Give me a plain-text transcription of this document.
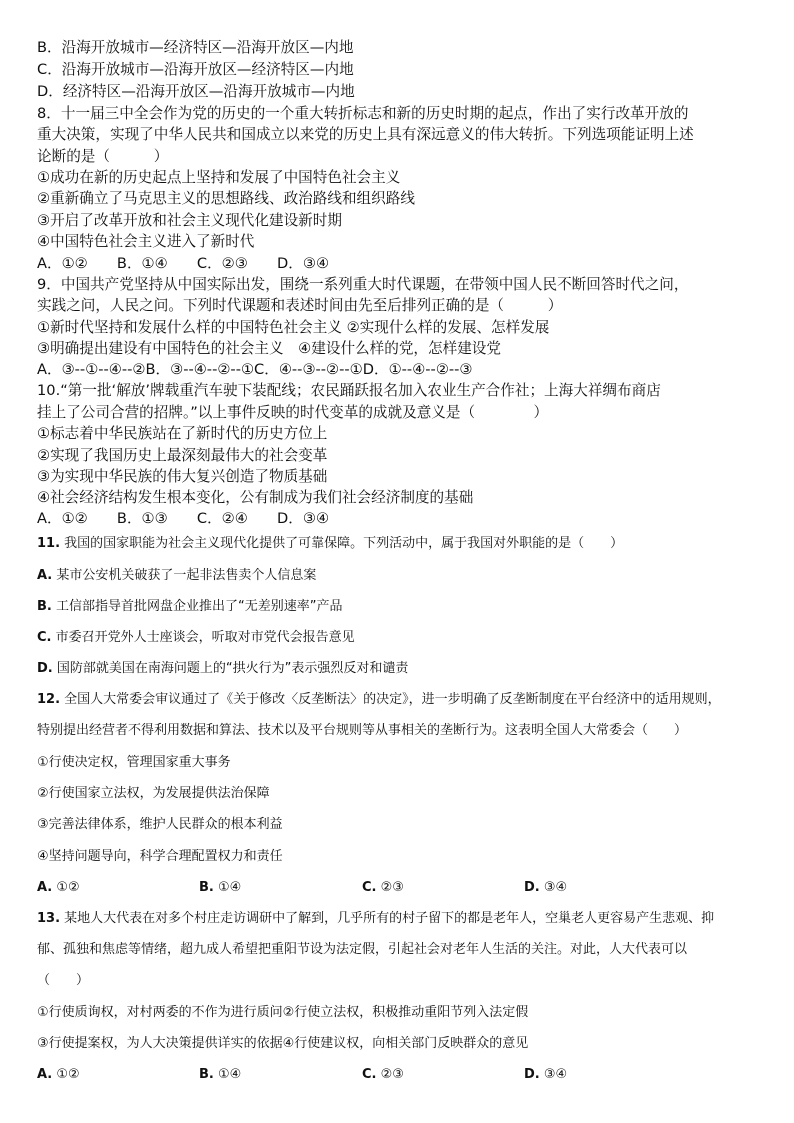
B．沿海开放城市—经济特区—沿海开放区—内地
C．沿海开放城市—沿海开放区—经济特区—内地
D．经济特区—沿海开放区—沿海开放城市—内地
8．十一届三中全会作为党的历史的一个重大转折标志和新的历史时期的起点，作出了实行改革开放的
重大决策，实现了中华人民共和国成立以来党的历史上具有深远意义的伟大转折。下列选项能证明上述
论断的是（　　　）
①成功在新的历史起点上坚持和发展了中国特色社会主义
②重新确立了马克思主义的思想路线、政治路线和组织路线
③开启了改革开放和社会主义现代化建设新时期
④中国特色社会主义进入了新时代
A．①②　　B．①④　　C．②③　　D．③④
9．中国共产党坚持从中国实际出发，围绕一系列重大时代课题，在带领中国人民不断回答时代之问，
实践之问，人民之问。下列时代课题和表述时间由先至后排列正确的是（　　　）
①新时代坚持和发展什么样的中国特色社会主义 ②实现什么样的发展、怎样发展
③明确提出建设有中国特色的社会主义　④建设什么样的党，怎样建设党
A．③--①--④--②B．③--④--②--①C．④--③--②--①D．①--④--②--③
10.“第一批‘解放’牌载重汽车驶下装配线；农民踊跃报名加入农业生产合作社；上海大祥绸布商店
挂上了公司合营的招牌。”以上事件反映的时代变革的成就及意义是（　　　　）
①标志着中华民族站在了新时代的历史方位上
②实现了我国历史上最深刻最伟大的社会变革
③为实现中华民族的伟大复兴创造了物质基础
④社会经济结构发生根本变化，公有制成为我们社会经济制度的基础
A．①②　　B．①③　　C．②④　　D．③④
11. 我国的国家职能为社会主义现代化提供了可靠保障。下列活动中，属于我国对外职能的是（　　）
A. 某市公安机关破获了一起非法售卖个人信息案
B. 工信部指导首批网盘企业推出了“无差别速率”产品
C. 市委召开党外人士座谈会，听取对市党代会报告意见
D. 国防部就美国在南海问题上的“拱火行为”表示强烈反对和谴责
12. 全国人大常委会审议通过了《关于修改〈反垄断法〉的决定》，进一步明确了反垄断制度在平台经济中的适用规则，
特别提出经营者不得利用数据和算法、技术以及平台规则等从事相关的垄断行为。这表明全国人大常委会（　　）
①行使决定权，管理国家重大事务
②行使国家立法权，为发展提供法治保障
③完善法律体系，维护人民群众的根本利益
④坚持问题导向，科学合理配置权力和责任
A. ①②	B. ①④	C. ②③	D. ③④
13. 某地人大代表在对多个村庄走访调研中了解到，几乎所有的村子留下的都是老年人，空巢老人更容易产生悲观、抑
郁、孤独和焦虑等情绪，超九成人希望把重阳节设为法定假，引起社会对老年人生活的关注。对此，人大代表可以
（　　）
①行使质询权，对村两委的不作为进行质问②行使立法权，积极推动重阳节列入法定假
③行使提案权，为人大决策提供详实的依据④行使建议权，向相关部门反映群众的意见
A. ①②	B. ①④	C. ②③	D. ③④
